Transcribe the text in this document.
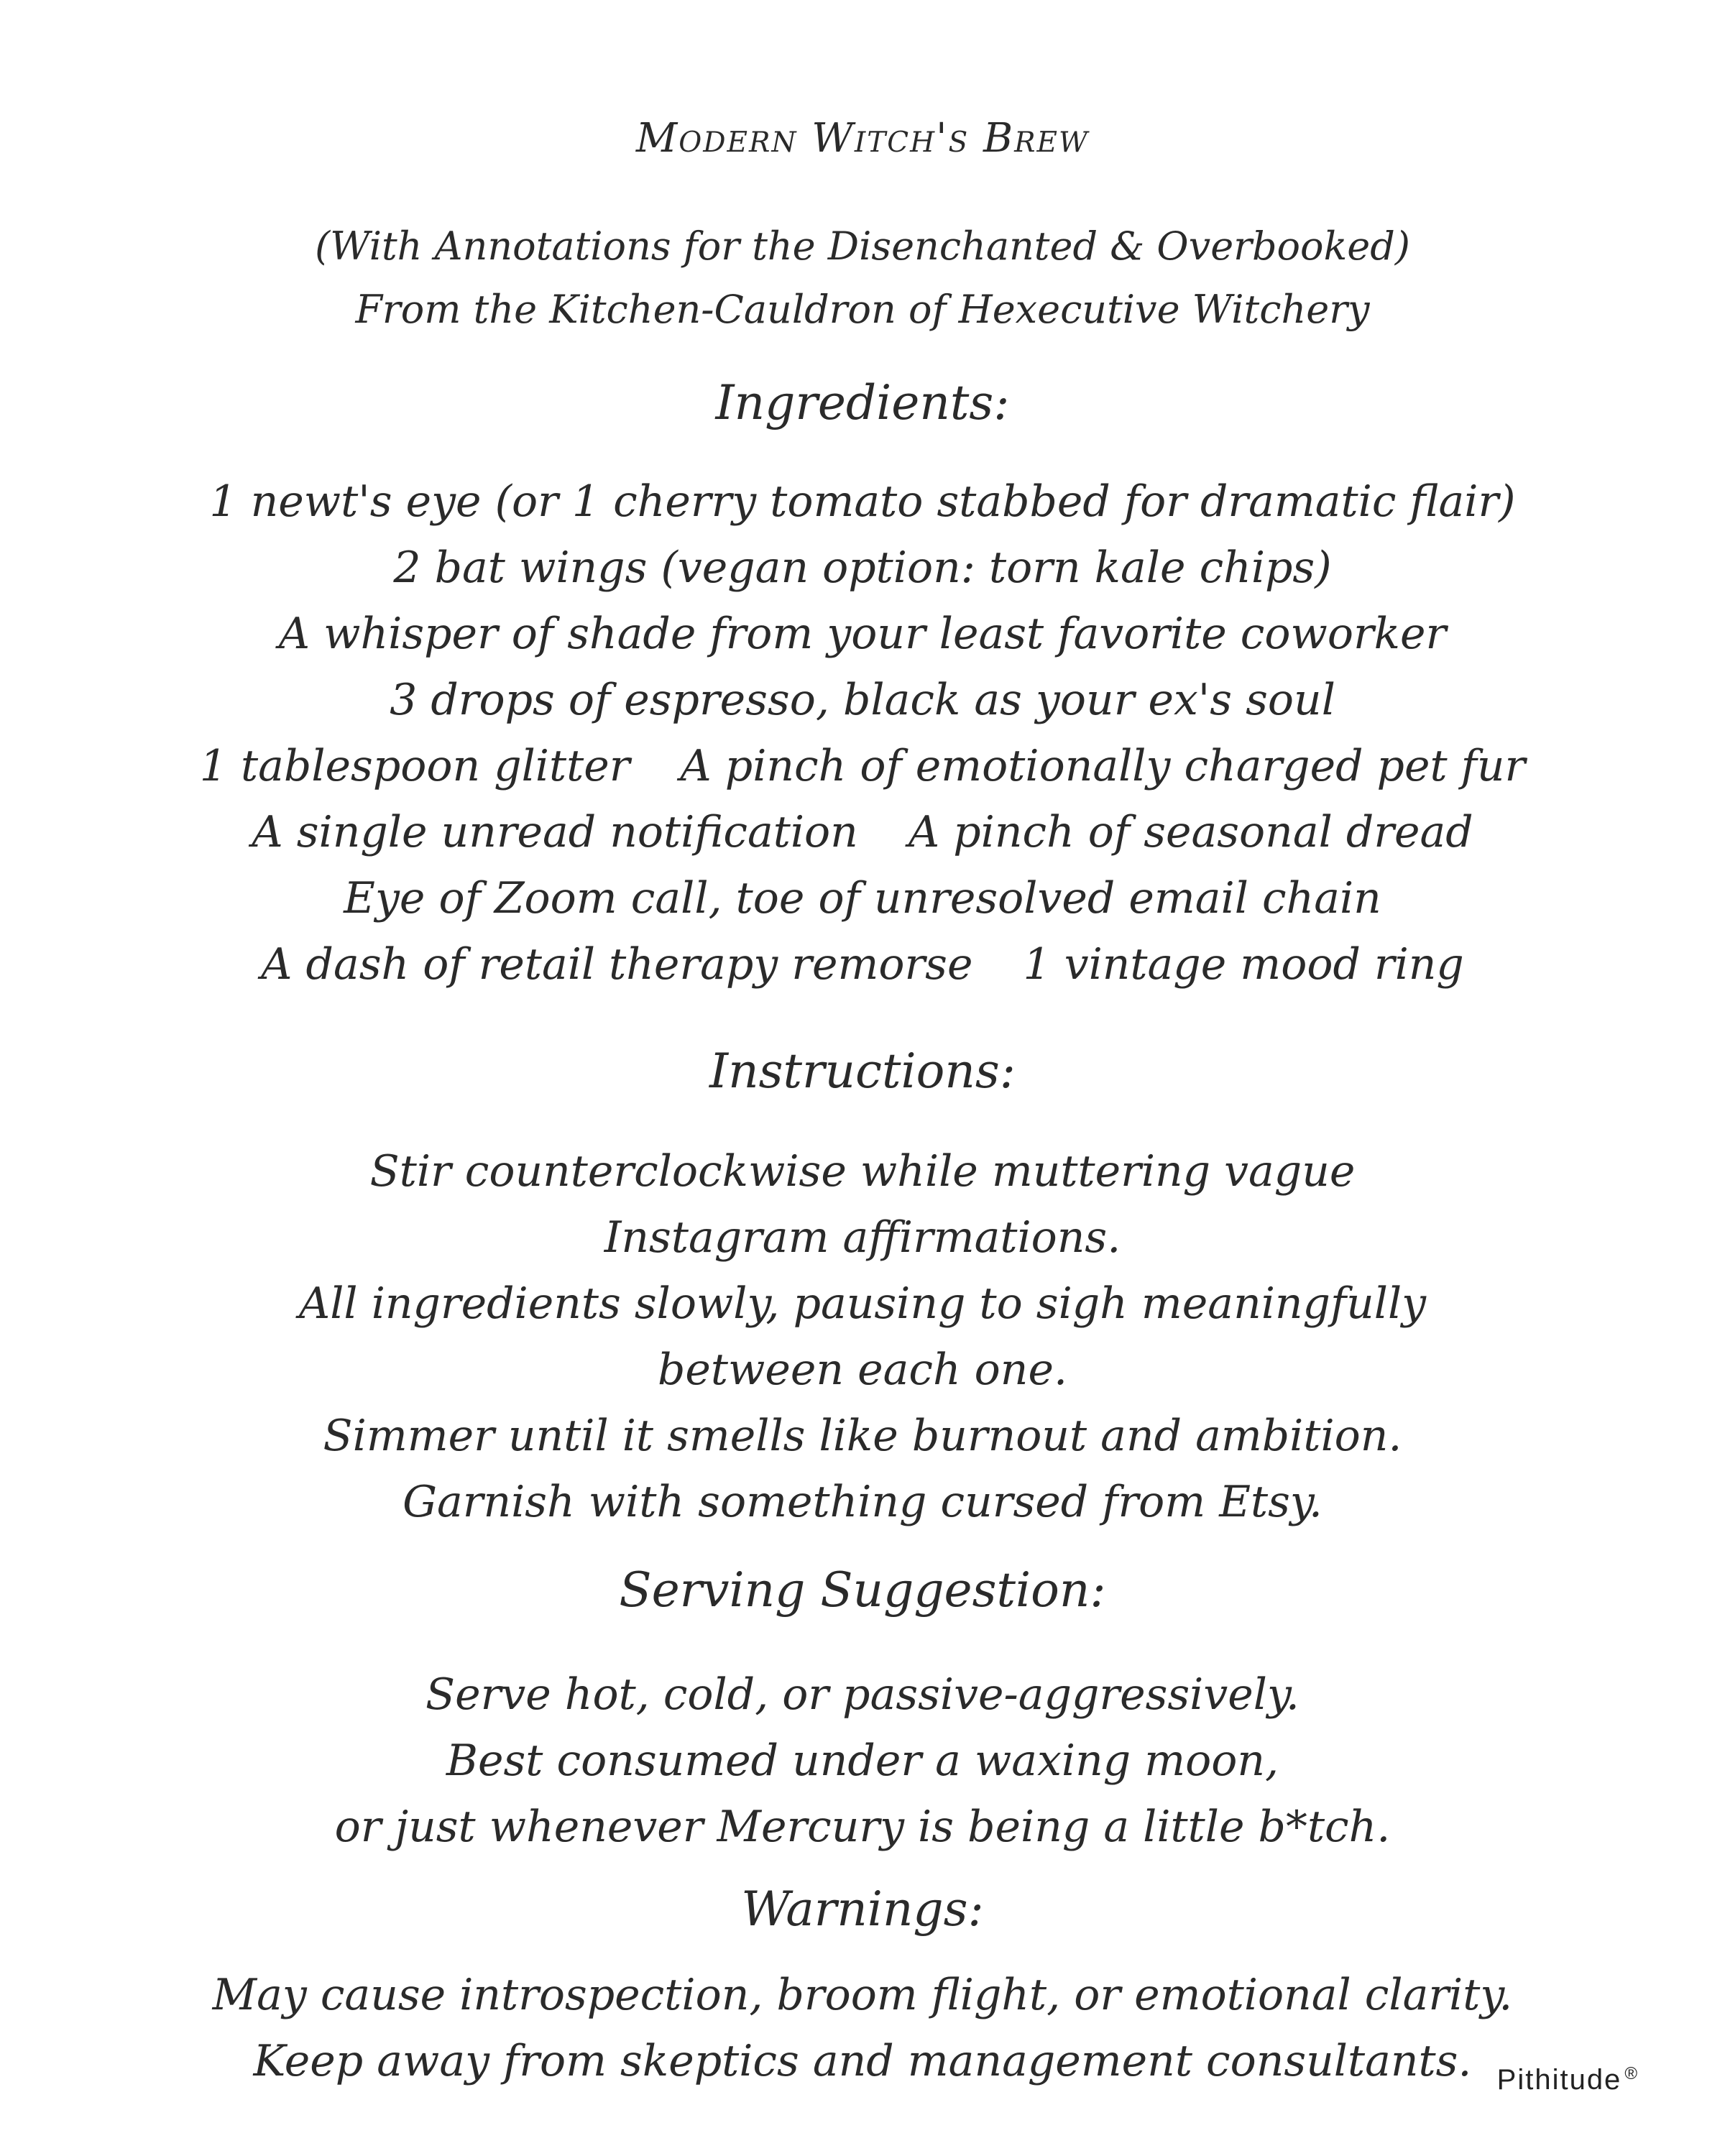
Modern Witch's Brew
(With Annotations for the Disenchanted & Overbooked)
From the Kitchen-Cauldron of Hexecutive Witchery
Ingredients:
1 newt's eye (or 1 cherry tomato stabbed for dramatic flair)
2 bat wings (vegan option: torn kale chips)
A whisper of shade from your least favorite coworker
3 drops of espresso, black as your ex's soul
1 tablespoon glitter A pinch of emotionally charged pet fur
A single unread notification A pinch of seasonal dread
Eye of Zoom call, toe of unresolved email chain
A dash of retail therapy remorse 1 vintage mood ring
Instructions:
Stir counterclockwise while muttering vague
Instagram affirmations.
All ingredients slowly, pausing to sigh meaningfully
between each one.
Simmer until it smells like burnout and ambition.
Garnish with something cursed from Etsy.
Serving Suggestion:
Serve hot, cold, or passive-aggressively.
Best consumed under a waxing moon,
or just whenever Mercury is being a little b*tch.
Warnings:
May cause introspection, broom flight, or emotional clarity.
Keep away from skeptics and management consultants. Pithitude ®
